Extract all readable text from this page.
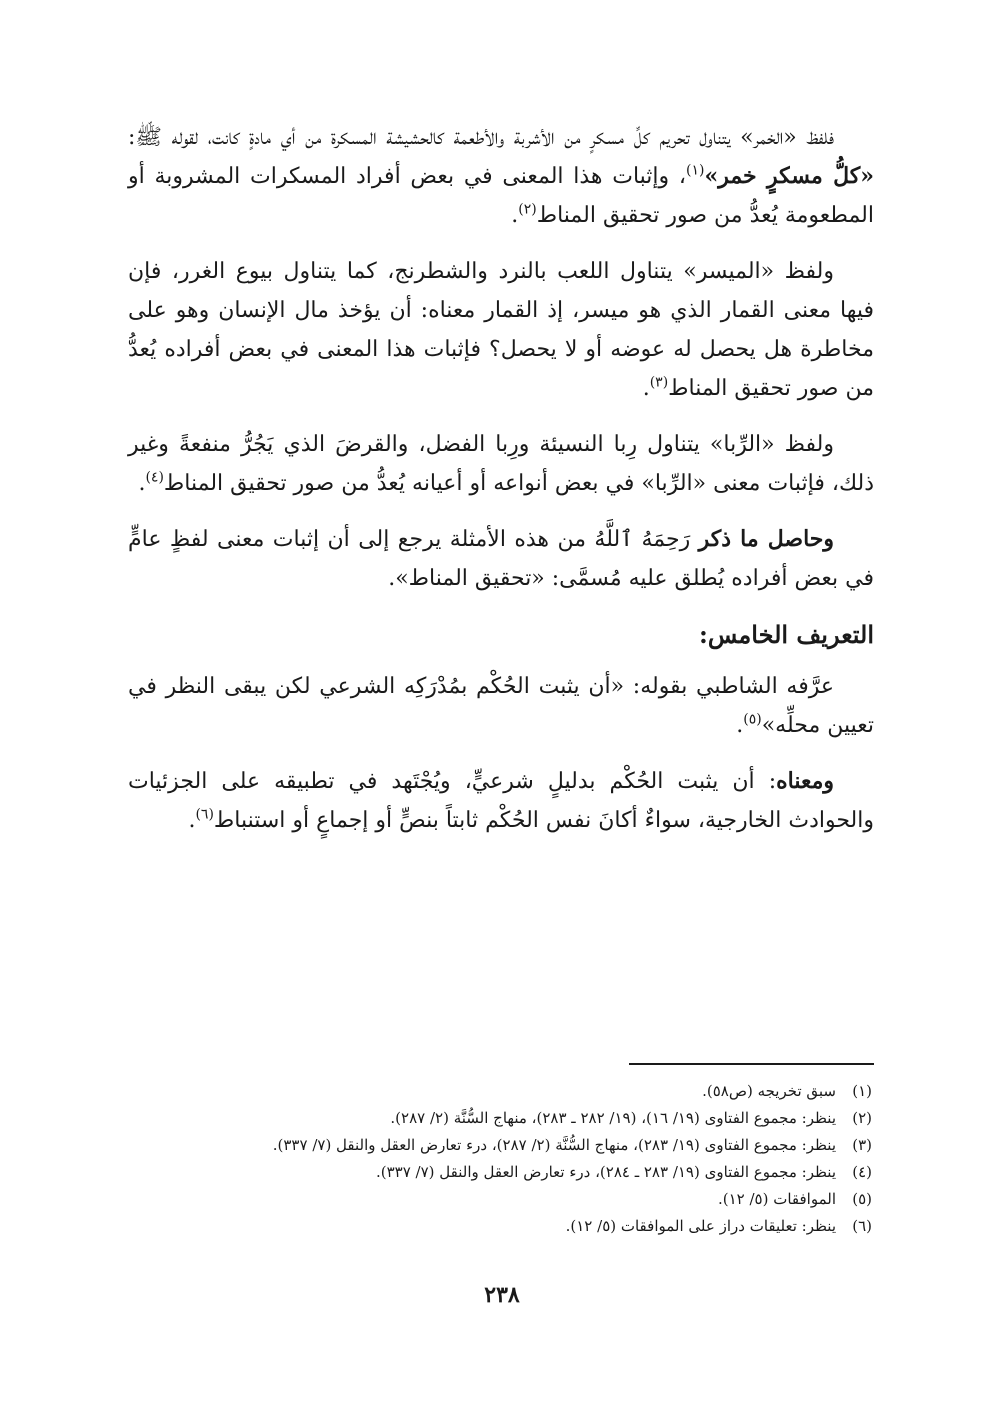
فلفظ «الخمر» يتناول تحريم كلِّ مسكرٍ من الأشربة والأطعمة كالحشيشة المسكرة من أي مادةٍ كانت، لقوله ﷺ: «كلُّ مسكرٍ خمر»$^{(١)}$، وإثبات هذا المعنى في بعض أفراد المسكرات المشروبة أو المطعومة يُعدُّ من صور تحقيق المناط$^{(٢)}$.

ولفظ «الميسر» يتناول اللعب بالنرد والشطرنج، كما يتناول بيوع الغرر، فإن فيها معنى القمار الذي هو ميسر، إذ القمار معناه: أن يؤخذ مال الإنسان وهو على مخاطرة هل يحصل له عوضه أو لا يحصل؟ فإثبات هذا المعنى في بعض أفراده يُعدُّ من صور تحقيق المناط$^{(٣)}$.

ولفظ «الرِّبا» يتناول رِبا النسيئة ورِبا الفضل، والقرضَ الذي يَجُرُّ منفعةً وغير ذلك، فإثبات معنى «الرِّبا» في بعض أنواعه أو أعيانه يُعدُّ من صور تحقيق المناط$^{(٤)}$.

وحاصل ما ذكر رَحِمَهُ ٱللَّهُ من هذه الأمثلة يرجع إلى أن إثبات معنى لفظٍ عامٍّ في بعض أفراده يُطلق عليه مُسمَّى: «تحقيق المناط».

التعريف الخامس:

عرَّفه الشاطبي بقوله: «أن يثبت الحُكْم بمُدْرَكِه الشرعي لكن يبقى النظر في تعيين محلِّه»$^{(٥)}$.

ومعناه: أن يثبت الحُكْم بدليلٍ شرعيٍّ، ويُجْتَهد في تطبيقه على الجزئيات والحوادث الخارجية، سواءٌ أكانَ نفس الحُكْم ثابتاً بنصٍّ أو إجماعٍ أو استنباط$^{(٦)}$.

(١)سبق تخريجه (ص٥٨).
(٢)ينظر: مجموع الفتاوى (١٩/ ١٦)، (١٩/ ٢٨٢ ـ ٢٨٣)، منهاج السُّنَّة (٢/ ٢٨٧).
(٣)ينظر: مجموع الفتاوى (١٩/ ٢٨٣)، منهاج السُّنَّة (٢/ ٢٨٧)، درء تعارض العقل والنقل (٧/ ٣٣٧).
(٤)ينظر: مجموع الفتاوى (١٩/ ٢٨٣ ـ ٢٨٤)، درء تعارض العقل والنقل (٧/ ٣٣٧).
(٥)الموافقات (٥/ ١٢).
(٦)ينظر: تعليقات دراز على الموافقات (٥/ ١٢).
٢٣٨
